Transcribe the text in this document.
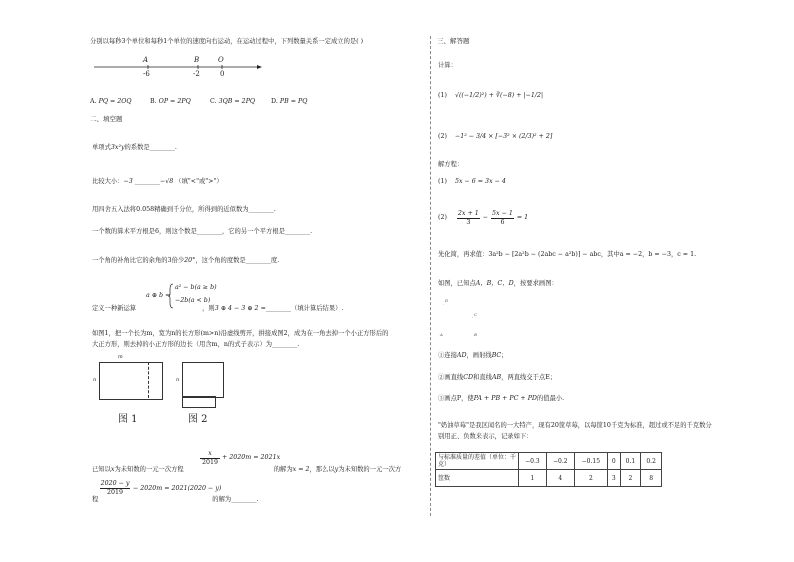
分别以每秒3个单位和每秒1个单位的速度向右运动，在运动过程中，下列数量关系一定成立的是( )
A	B	O
-6	-2	0
A. PQ = 2OQ	B. OP = 2PQ	C. 3QB = 2PQ	D. PB = PQ
二、填空题
单项式3x²y的系数是________.
比较大小：−3 ________−√8 （填"<"或">"）
用四舍五入法将0.058精确到千分位，所得到的近似数为________.
一个数的算术平方根是6，则这个数是________，它的另一个平方根是________.
一个角的补角比它的余角的3倍少20°，这个角的度数是________度.
a ⊕ b =
a² − b(a ≥ b)
−2b(a < b)
定义一种新运算	，则3 ⊕ 4 − 3 ⊕ 2 =________（填计算后结果）.
如图1，把一个长为m，宽为n的长方形(m>n)沿虚线剪开，拼接成图2，成为在一角去掉一个小正方形后的
大正方形，则去掉的小正方形的边长（用含m，n的式子表示）为________.
m
n
图 1
n
图 2
x
2019
+ 2020m = 2021x
已知以x为未知数的一元一次方程	的解为x = 2，那么以y为未知数的一元一次方
2020 − y
2019
− 2020m = 2021(2020 − y)
程	的解为________.
三、解答题
计算：
(1) √((−1/2)²) + ∛(−8) + |−1/2|
(2) −1² − 3/4 × [−3² × (2/3)² + 2]
解方程：
(1) 5x − 6 = 3x − 4
(2)
2x + 1
3
− $\frac{5x - 1}{6} = 1$
先化简，再求值：3a²b − [2a²b − (2abc − a²b)] − abc，其中a = −2，b = −3，c = 1.
如图，已知点A，B，C，D，按要求画图：
D
·
C
·
A	B
①连接AD，画射线BC；
②画直线CD和直线AB，两直线交于点E；
③画点P，使PA + PB + PC + PD的值最小.
"奶油草莓"是我区闻名的一大特产，现有20筐草莓，以每筐10千克为标准，超过或不足的千克数分
别用正、负数来表示，记录如下：
与标准质量的差值（单位：千克）	−0.3	−0.2	−0.15	0	0.1	0.2
筐数	1	4	2	3	2	8
